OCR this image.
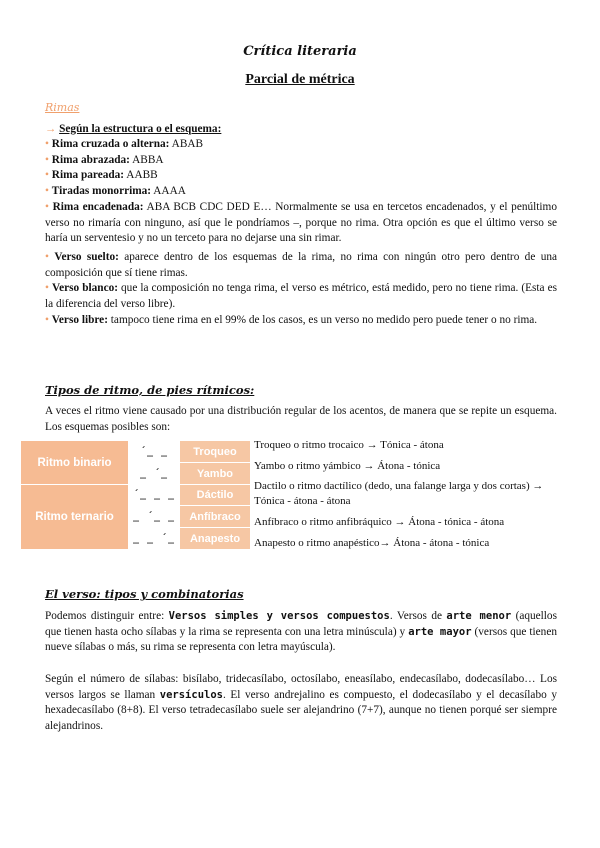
Crítica literaria
Parcial de métrica
Rimas
→ Según la estructura o el esquema:
• Rima cruzada o alterna: ABAB
• Rima abrazada: ABBA
• Rima pareada: AABB
• Tiradas monorrima: AAAA
• Rima encadenada: ABA BCB CDC DED E… Normalmente se usa en tercetos encadenados, y el penúltimo verso no rimaría con ninguno, así que le pondríamos –, porque no rima. Otra opción es que el último verso se haría un serventesio y no un terceto para no dejarse una sin rimar.
• Verso suelto: aparece dentro de los esquemas de la rima, no rima con ningún otro pero dentro de una composición que sí tiene rimas.
• Verso blanco: que la composición no tenga rima, el verso es métrico, está medido, pero no tiene rima. (Esta es la diferencia del verso libre).
• Verso libre: tampoco tiene rima en el 99% de los casos, es un verso no medido pero puede tener o no rima.
Tipos de ritmo, de pies rítmicos:
A veces el ritmo viene causado por una distribución regular de los acentos, de manera que se repite un esquema. Los esquemas posibles son:
Ritmo binario
Ritmo ternario
´_ _
_ ´_
´_ _ _
_ ´_ _
_ _ ´_
Troqueo
Yambo
Dáctilo
Anfíbraco
Anapesto
Troqueo o ritmo trocaico → Tónica - átona
Yambo o ritmo yámbico → Átona - tónica
Dactilo o ritmo dactílico (dedo, una falange larga y dos cortas) → Tónica - átona - átona
Anfíbraco o ritmo anfibráquico → Átona - tónica - átona
Anapesto o ritmo anapéstico→ Átona - átona - tónica
El verso: tipos y combinatorias
Podemos distinguir entre: Versos simples y versos compuestos. Versos de arte menor (aquellos que tienen hasta ocho sílabas y la rima se representa con una letra minúscula) y arte mayor (versos que tienen nueve sílabas o más, su rima se representa con letra mayúscula).
Según el número de sílabas: bisílabo, tridecasílabo, octosílabo, eneasílabo, endecasílabo, dodecasílabo… Los versos largos se llaman versículos. El verso andrejalino es compuesto, el dodecasílabo y el decasílabo y hexadecasílabo (8+8). El verso tetradecasílabo suele ser alejandrino (7+7), aunque no tienen porqué ser siempre alejandrinos.
